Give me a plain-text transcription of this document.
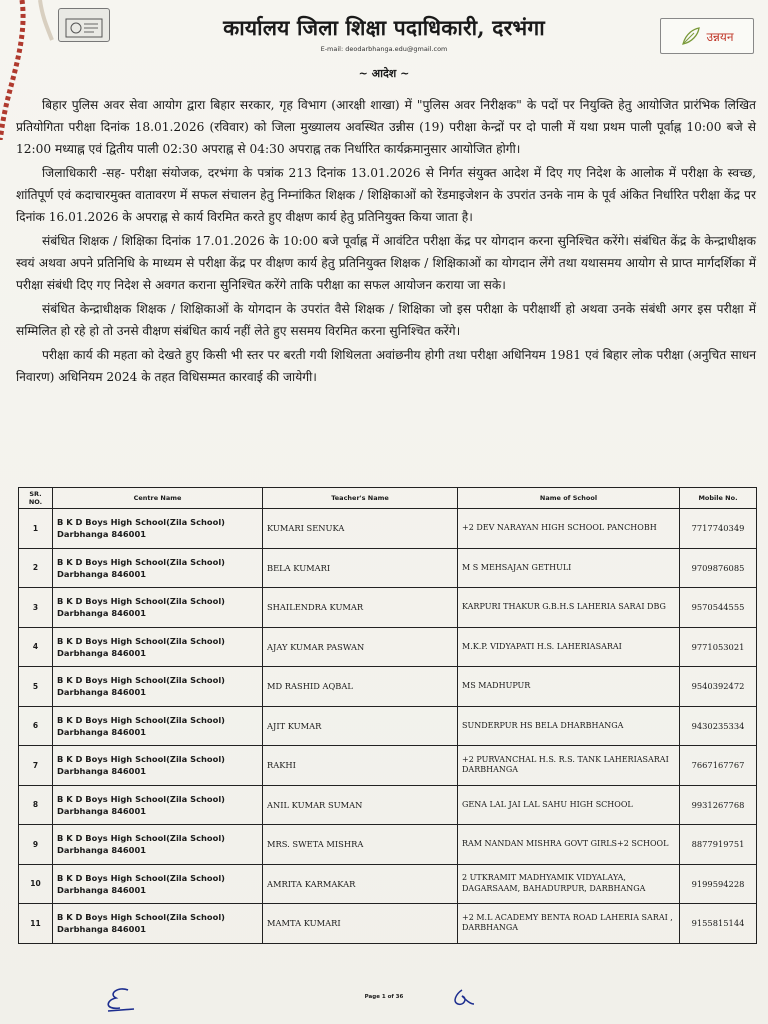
कार्यालय जिला शिक्षा पदाधिकारी, दरभंगा	उन्नयन
E-mail: deodarbhanga.edu@gmail.com
~ आदेश ~

बिहार पुलिस अवर सेवा आयोग द्वारा बिहार सरकार, गृह विभाग (आरक्षी शाखा) में "पुलिस अवर निरीक्षक" के पदों पर नियुक्ति हेतु आयोजित प्रारंभिक लिखित प्रतियोगिता परीक्षा दिनांक 18.01.2026 (रविवार) को जिला मुख्यालय अवस्थित उन्नीस (19) परीक्षा केन्द्रों पर दो पाली में यथा प्रथम पाली पूर्वाह्न 10:00 बजे से 12:00 मध्याह्न एवं द्वितीय पाली 02:30 अपराह्न से 04:30 अपराह्न तक निर्धारित कार्यक्रमानुसार आयोजित होगी।

जिलाधिकारी -सह- परीक्षा संयोजक, दरभंगा के पत्रांक 213 दिनांक 13.01.2026 से निर्गत संयुक्त आदेश में दिए गए निदेश के आलोक में परीक्षा के स्वच्छ, शांतिपूर्ण एवं कदाचारमुक्त वातावरण में सफल संचालन हेतु निम्नांकित शिक्षक / शिक्षिकाओं को रेंडमाइजेशन के उपरांत उनके नाम के पूर्व अंकित निर्धारित परीक्षा केंद्र पर दिनांक 16.01.2026 के अपराह्न से कार्य विरमित करते हुए वीक्षण कार्य हेतु प्रतिनियुक्त किया जाता है।

संबंधित शिक्षक / शिक्षिका दिनांक 17.01.2026 के 10:00 बजे पूर्वाह्न में आवंटित परीक्षा केंद्र पर योगदान करना सुनिश्चित करेंगे। संबंधित केंद्र के केन्द्राधीक्षक स्वयं अथवा अपने प्रतिनिधि के माध्यम से परीक्षा केंद्र पर वीक्षण कार्य हेतु प्रतिनियुक्त शिक्षक / शिक्षिकाओं का योगदान लेंगे तथा यथासमय आयोग से प्राप्त मार्गदर्शिका में परीक्षा संबंधी दिए गए निदेश से अवगत कराना सुनिश्चित करेंगे ताकि परीक्षा का सफल आयोजन कराया जा सके।

संबंधित केन्द्राधीक्षक शिक्षक / शिक्षिकाओं के योगदान के उपरांत वैसे शिक्षक / शिक्षिका जो इस परीक्षा के परीक्षार्थी हो अथवा उनके संबंधी अगर इस परीक्षा में सम्मिलित हो रहे हो तो उनसे वीक्षण संबंधित कार्य नहीं लेते हुए ससमय विरमित करना सुनिश्चित करेंगे।

परीक्षा कार्य की महता को देखते हुए किसी भी स्तर पर बरती गयी शिथिलता अवांछनीय होगी तथा परीक्षा अधिनियम 1981 एवं बिहार लोक परीक्षा (अनुचित साधन निवारण) अधिनियम 2024 के तहत विधिसम्मत कारवाई की जायेगी।

SR. NO.	Centre Name	Teacher's Name	Name of School	Mobile No.
1	B K D Boys High School(Zila School)
Darbhanga 846001	KUMARI SENUKA	+2 DEV NARAYAN HIGH SCHOOL PANCHOBH	7717740349
2	B K D Boys High School(Zila School)
Darbhanga 846001	BELA KUMARI	M S MEHSAJAN GETHULI	9709876085
3	B K D Boys High School(Zila School)
Darbhanga 846001	SHAILENDRA KUMAR	KARPURI THAKUR G.B.H.S LAHERIA SARAI DBG	9570544555
4	B K D Boys High School(Zila School)
Darbhanga 846001	AJAY KUMAR PASWAN	M.K.P. VIDYAPATI H.S. LAHERIASARAI	9771053021
5	B K D Boys High School(Zila School)
Darbhanga 846001	MD RASHID AQBAL	MS MADHUPUR	9540392472
6	B K D Boys High School(Zila School)
Darbhanga 846001	AJIT KUMAR	SUNDERPUR HS BELA DHARBHANGA	9430235334
7	B K D Boys High School(Zila School)
Darbhanga 846001	RAKHI	+2 PURVANCHAL H.S. R.S. TANK LAHERIASARAI DARBHANGA	7667167767
8	B K D Boys High School(Zila School)
Darbhanga 846001	ANIL KUMAR SUMAN	GENA LAL JAI LAL SAHU HIGH SCHOOL	9931267768
9	B K D Boys High School(Zila School)
Darbhanga 846001	MRS. SWETA MISHRA	RAM NANDAN MISHRA GOVT GIRLS+2 SCHOOL	8877919751
10	B K D Boys High School(Zila School)
Darbhanga 846001	AMRITA KARMAKAR	2 UTKRAMIT MADHYAMIK VIDYALAYA, DAGARSAAM, BAHADURPUR, DARBHANGA	9199594228
11	B K D Boys High School(Zila School)
Darbhanga 846001	MAMTA KUMARI	+2 M.L ACADEMY BENTA ROAD LAHERIA SARAI , DARBHANGA	9155815144
Page 1 of 36
